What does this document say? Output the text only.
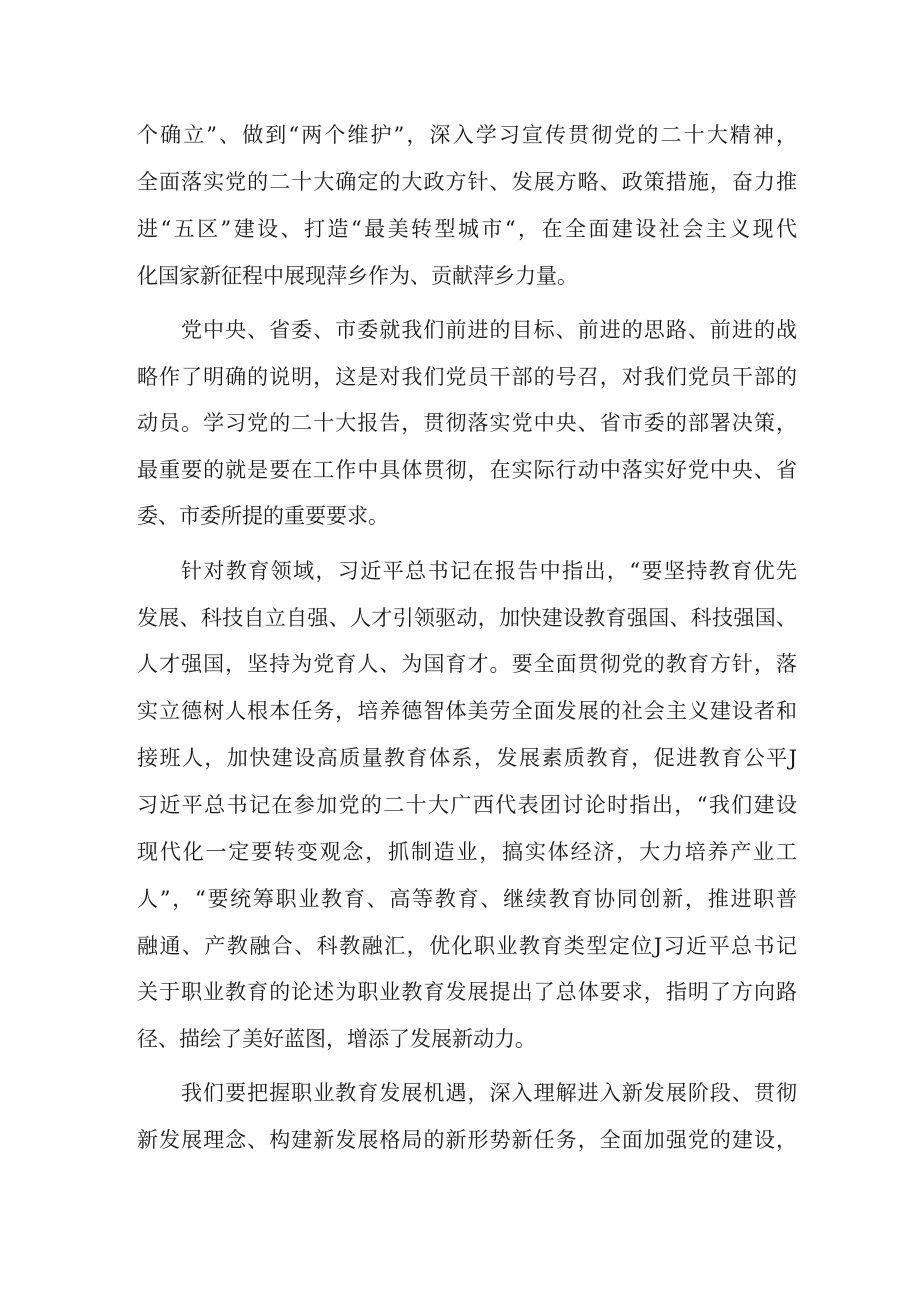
个确立”、做到“两个维护”，深入学习宣传贯彻党的二十大精神，
全面落实党的二十大确定的大政方针、发展方略、政策措施，奋力推
进“五区”建设、打造“最美转型城市“，在全面建设社会主义现代
化国家新征程中展现萍乡作为、贡献萍乡力量。
党中央、省委、市委就我们前进的目标、前进的思路、前进的战
略作了明确的说明，这是对我们党员干部的号召，对我们党员干部的
动员。学习党的二十大报告，贯彻落实党中央、省市委的部署决策，
最重要的就是要在工作中具体贯彻，在实际行动中落实好党中央、省
委、市委所提的重要要求。
针对教育领域，习近平总书记在报告中指出，“要坚持教育优先
发展、科技自立自强、人才引领驱动，加快建设教育强国、科技强国、
人才强国，坚持为党育人、为国育才。要全面贯彻党的教育方针，落
实立德树人根本任务，培养德智体美劳全面发展的社会主义建设者和
接班人，加快建设高质量教育体系，发展素质教育，促进教育公平J
习近平总书记在参加党的二十大广西代表团讨论时指出，“我们建设
现代化一定要转变观念，抓制造业，搞实体经济，大力培养产业工
人”，“要统筹职业教育、高等教育、继续教育协同创新，推进职普
融通、产教融合、科教融汇，优化职业教育类型定位J习近平总书记
关于职业教育的论述为职业教育发展提出了总体要求，指明了方向路
径、描绘了美好蓝图，增添了发展新动力。
我们要把握职业教育发展机遇，深入理解进入新发展阶段、贯彻
新发展理念、构建新发展格局的新形势新任务，全面加强党的建设，
